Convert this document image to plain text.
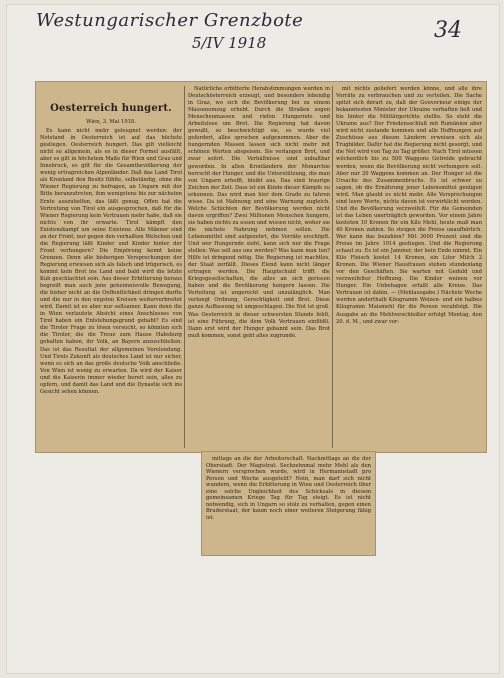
Westungarischer Grenzbote
5/IV 1918	34
Oesterreich hungert.
Wien, 3. Mai 1918.

Es kann nicht mehr geleugnet werden: der Notstand in Oesterreich ist auf das höchste gestiegen. Oesterreich hungert. Das gilt vielleicht nicht so allgemein, als es in dieser Formel ausfällt, aber es gilt in höchstem Maße für Wien und Graz und Innsbruck, es gilt für die Gesamtbevölkerung der wenig ertragreichen Alpenländer. Daß das Land Tirol als Kronland den Besitz fühlte, selbständig, ohne die Wiener Regierung zu befragen, an Ungarn mit der Bitte heranzutreten, ihm wenigstens bis zur nächsten Ernte auszuhelfen, das läßt genug. Offen hat die Vertretung von Tirol ein ausgesprochen, daß für die Wiener Regierung kein Vertrauen mehr habe, daß sie nichts von ihr erwarte. Tirol kämpft den Existenzkampf um seine Existenz. Alle Männer sind an der Front, nur gegen den verhaßten Welschen und die Regierung läßt Kinder und Kinder hinter der Front verhungern? Die Empörung kennt keine Grenzen. Denn alle bisherigen Versprechungen der Regierung erwiesen sich als falsch und trügerisch, es kommt kein Brot ins Land und bald wird die letzte Kuh geschlachtet sein. Aus dieser Erbitterung heraus begreift man auch jene geheimnisvolle Bewegung, die bisher nicht an die Oeffentlichkeit dringen durfte und die nur in den engsten Kreisen weiterverbreitet wird. Damit ist es aber nur seltsamer. Kann denn die in Wien verlautete Absicht eines Anschlusses von Tirol haben ein Entstehungsgrund gehabt? Es sind die Tiroler Frage zu lösen versucht, so könnten sich die Tiroler, die die Treue zum Hause Habsburg gehalten haben, ihr Volk, an Bayern anzuschließen. Das ist das Resultat der allgemeinen Verelendung. Und Tirols Zukunft als deutsches Land ist nur sicher, wenn es sich an das große deutsche Volk anschließe. Von Wien ist wenig zu erwarten. Da wird der Kaiser und die Kaiserin immer wieder bereit sein, alles zu opfern, und damit das Land und die Dynastie sich ins Gesicht sehen können.

Natürliche erbitterte Herabstimmungen werden in Deutschösterreich erzeugt, und besonders lebendig in Graz, wo sich die Bevölkerung bei zu einem Massenumzug erhebt. Durch die Straßen zogen Menschenmassen und riefen Hungernde und Arbeitslose um Brot. Die Regierung hat davon gewußt, so beschwichtigt sie, es wurde viel gefordert, alles sprochen aufgenommen. Aber die hungernden Massen lassen sich nicht mehr mit schönen Worten abspeisen. Sie verlangen Brot, und zwar sofort. Die Verhältnisse sind unhaltbar geworden. In allen Kronländern der Monarchie herrscht der Hunger, und die Unterstützung, die man von Ungarn erhofft, bleibt aus. Das sind traurige Zeichen der Zeit. Dass ist ein Kinde dieser Kämpfe zu erkennen. Das wird man hier dem Grade zu fahren wisse. Da ist Mahnung und eine Warnung zugleich. Welche Schichten der Bevölkerung werden nicht davon ergriffen? Zwei Millionen Menschen hungern, sie haben nichts zu essen und wissen nicht, woher sie die nächste Nahrung nehmen sollen. Die Lebensmittel sind aufgezehrt, die Vorräte erschöpft. Und wer Hungernde sieht, kann sich nur die Frage stellen: Was soll aus uns werden? Was kann man tun? Hilfe ist dringend nötig. Die Regierung ist machtlos, der Staat zerfällt. Dieses Elend kann nicht länger ertragen werden. Die Hauptschuld trifft die Kriegsgesellschaften, die alles an sich gerissen haben und die Bevölkerung hungern lassen. Die Verteilung ist ungerecht und unzulänglich. Man verlangt Ordnung, Gerechtigkeit und Brot. Diese ganze Auffassung ist umgeschlagen. Die Not ist groß. Was Oesterreich in dieser schwersten Stunde fehlt, ist eine Führung, die dem Volk Vertrauen einflößt. Dann erst wird der Hunger gebannt sein. Das Brot muß kommen, sonst geht alles zugrunde.

mit nichts geliefert werden könne, und alle ihre Vorräte zu verbrauchen und zu verteilen. Die Sache spitzt sich derart zu, daß der Gouverneur einige der bekanntesten Minister der Ukraine verhaften ließ und bis hinter die Militärgerichte stellte. So steht die Ukraine aus? Der Friedensschluß mit Rumänien aber wird nicht zustande kommen und alle Hoffnungen auf Zuschüsse aus diesen Ländern erweisen sich als Trugbilder. Dafür hat die Regierung nicht gesorgt, und die Not wird von Tag zu Tag größer. Nach Tirol müssen wöchentlich bis zu 500 Waggons Getreide gebracht werden, wenn die Bevölkerung nicht verhungern soll. Aber nur 20 Waggons kommen an. Der Hunger ist die Ursache des Zusammenbruchs. Es ist schwer zu sagen, ob die Ernährung jener Lebensmittel genügen wird. Man glaubt es nicht mehr. Alle Versprechungen sind leere Worte, nichts davon ist verwirklicht worden. Und die Bevölkerung verzweifelt. Für die Gemeinden ist das Leben unerträglich geworden. Vor einem Jahre kosteten 10 Kronen für ein Kilo Mehl, heute muß man 40 Kronen zahlen. So steigen die Preise unaufhörlich. Wer kann das bezahlen? Mit 3000 Prozent sind die Preise im Jahre 1914 gestiegen. Und die Regierung schaut zu. Es ist ein Jammer, der kein Ende nimmt. Ein Kilo Fleisch kostet 14 Kronen, ein Liter Milch 2 Kronen. Die Wiener Hausfrauen stehen stundenlang vor den Geschäften. Sie warten mit Geduld und verzweifelter Hoffnung. Die Kinder weinen vor Hunger. Ein Unbehagen erfaßt alle Kreise. Das Vertrauen ist dahin. — (Mehlausgabe.) Nächste Woche werden anderthalb Kilogramm Weizen- und ein halbes Kilogramm Maismehl für die Person verabfolgt. Die Ausgabe an die Mehlverschleißer erfolgt Montag, den 20. d. M., und zwar vor-

mittags an die der Arbeiterschaft. Nachmittags an die der Oberstadt. Der Magistrat. Sechzehnmal mehr Mehl als den Wienern versprochen wurde, wird in Hermannstadt pro Person und Woche ausgeteilt? Nein, man darf sich nicht wundern, wenn die Erbitterung in Wien und Oesterreich über eine solche Ungleichheit des Schicksals in diesem gemeinsamen Kriege Tag für Tag steigt. Es ist nicht notwendig, sich in Ungarn so stolz zu verhalten, gegen einen Bruderstaat, der kaum noch einer weiteren Steigerung fähig ist.
